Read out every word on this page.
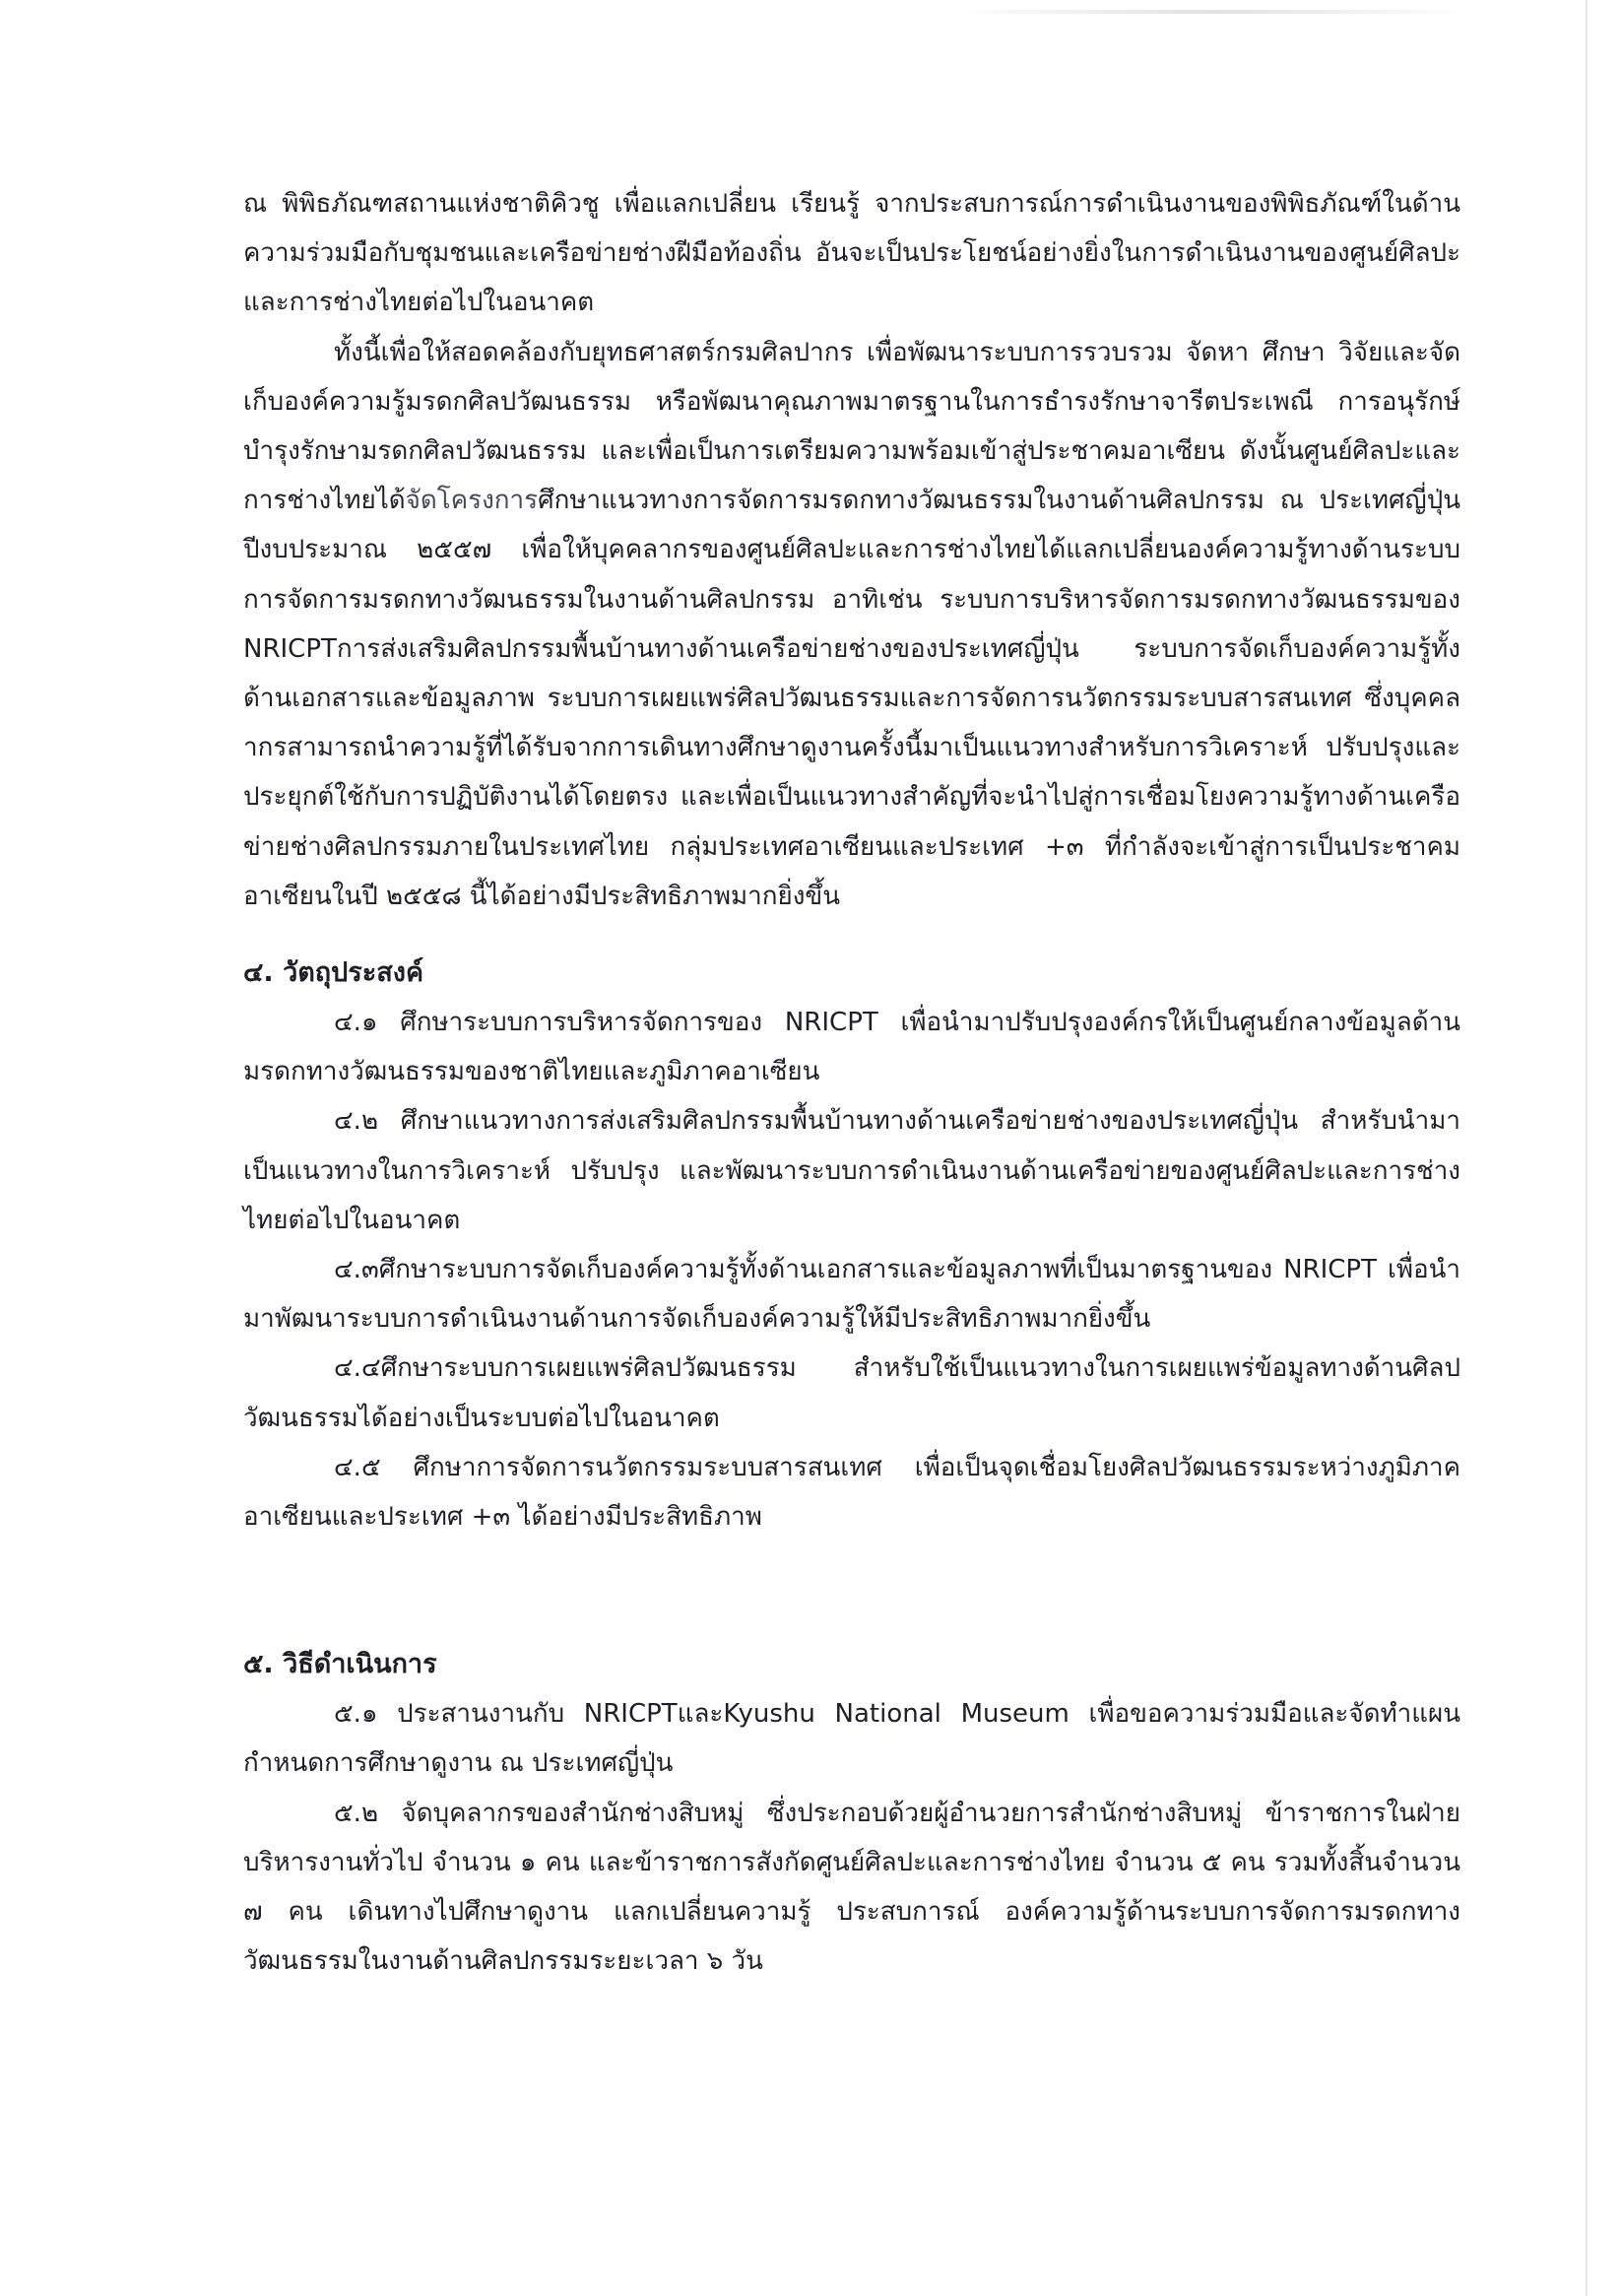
ณ พิพิธภัณฑสถานแห่งชาติคิวชู เพื่อแลกเปลี่ยน เรียนรู้ จากประสบการณ์การดำเนินงานของพิพิธภัณฑ์ในด้านความร่วมมือกับชุมชนและเครือข่ายช่างฝีมือท้องถิ่น อันจะเป็นประโยชน์อย่างยิ่งในการดำเนินงานของศูนย์ศิลปะและการช่างไทยต่อไปในอนาคต

ทั้งนี้เพื่อให้สอดคล้องกับยุทธศาสตร์กรมศิลปากร เพื่อพัฒนาระบบการรวบรวม จัดหา ศึกษา วิจัยและจัดเก็บองค์ความรู้มรดกศิลปวัฒนธรรม หรือพัฒนาคุณภาพมาตรฐานในการธำรงรักษาจารีตประเพณี การอนุรักษ์บำรุงรักษามรดกศิลปวัฒนธรรม และเพื่อเป็นการเตรียมความพร้อมเข้าสู่ประชาคมอาเซียน ดังนั้นศูนย์ศิลปะและการช่างไทยได้จัดโครงการศึกษาแนวทางการจัดการมรดกทางวัฒนธรรมในงานด้านศิลปกรรม ณ ประเทศญี่ปุ่น ปีงบประมาณ ๒๕๕๗ เพื่อให้บุคคลากรของศูนย์ศิลปะและการช่างไทยได้แลกเปลี่ยนองค์ความรู้ทางด้านระบบการจัดการมรดกทางวัฒนธรรมในงานด้านศิลปกรรม อาทิเช่น ระบบการบริหารจัดการมรดกทางวัฒนธรรมของ NRICPTการส่งเสริมศิลปกรรมพื้นบ้านทางด้านเครือข่ายช่างของประเทศญี่ปุ่น ระบบการจัดเก็บองค์ความรู้ทั้งด้านเอกสารและข้อมูลภาพ ระบบการเผยแพร่ศิลปวัฒนธรรมและการจัดการนวัตกรรมระบบสารสนเทศ ซึ่งบุคคลากรสามารถนำความรู้ที่ได้รับจากการเดินทางศึกษาดูงานครั้งนี้มาเป็นแนวทางสำหรับการวิเคราะห์ ปรับปรุงและประยุกต์ใช้กับการปฏิบัติงานได้โดยตรง และเพื่อเป็นแนวทางสำคัญที่จะนำไปสู่การเชื่อมโยงความรู้ทางด้านเครือข่ายช่างศิลปกรรมภายในประเทศไทย กลุ่มประเทศอาเซียนและประเทศ +๓ ที่กำลังจะเข้าสู่การเป็นประชาคมอาเซียนในปี ๒๕๕๘ นี้ได้อย่างมีประสิทธิภาพมากยิ่งขึ้น

๔. วัตถุประสงค์

๔.๑ ศึกษาระบบการบริหารจัดการของ NRICPT เพื่อนำมาปรับปรุงองค์กรให้เป็นศูนย์กลางข้อมูลด้านมรดกทางวัฒนธรรมของชาติไทยและภูมิภาคอาเซียน

๔.๒ ศึกษาแนวทางการส่งเสริมศิลปกรรมพื้นบ้านทางด้านเครือข่ายช่างของประเทศญี่ปุ่น สำหรับนำมาเป็นแนวทางในการวิเคราะห์ ปรับปรุง และพัฒนาระบบการดำเนินงานด้านเครือข่ายของศูนย์ศิลปะและการช่างไทยต่อไปในอนาคต

๔.๓ศึกษาระบบการจัดเก็บองค์ความรู้ทั้งด้านเอกสารและข้อมูลภาพที่เป็นมาตรฐานของ NRICPT เพื่อนำมาพัฒนาระบบการดำเนินงานด้านการจัดเก็บองค์ความรู้ให้มีประสิทธิภาพมากยิ่งขึ้น

๔.๔ศึกษาระบบการเผยแพร่ศิลปวัฒนธรรม สำหรับใช้เป็นแนวทางในการเผยแพร่ข้อมูลทางด้านศิลปวัฒนธรรมได้อย่างเป็นระบบต่อไปในอนาคต

๔.๕ ศึกษาการจัดการนวัตกรรมระบบสารสนเทศ เพื่อเป็นจุดเชื่อมโยงศิลปวัฒนธรรมระหว่างภูมิภาคอาเซียนและประเทศ +๓ ได้อย่างมีประสิทธิภาพ

๕. วิธีดำเนินการ

๕.๑ ประสานงานกับ NRICPTและKyushu National Museum เพื่อขอความร่วมมือและจัดทำแผนกำหนดการศึกษาดูงาน ณ ประเทศญี่ปุ่น

๕.๒ จัดบุคลากรของสำนักช่างสิบหมู่ ซึ่งประกอบด้วยผู้อำนวยการสำนักช่างสิบหมู่ ข้าราชการในฝ่ายบริหารงานทั่วไป จำนวน ๑ คน และข้าราชการสังกัดศูนย์ศิลปะและการช่างไทย จำนวน ๕ คน รวมทั้งสิ้นจำนวน ๗ คน เดินทางไปศึกษาดูงาน แลกเปลี่ยนความรู้ ประสบการณ์ องค์ความรู้ด้านระบบการจัดการมรดกทางวัฒนธรรมในงานด้านศิลปกรรมระยะเวลา ๖ วัน
